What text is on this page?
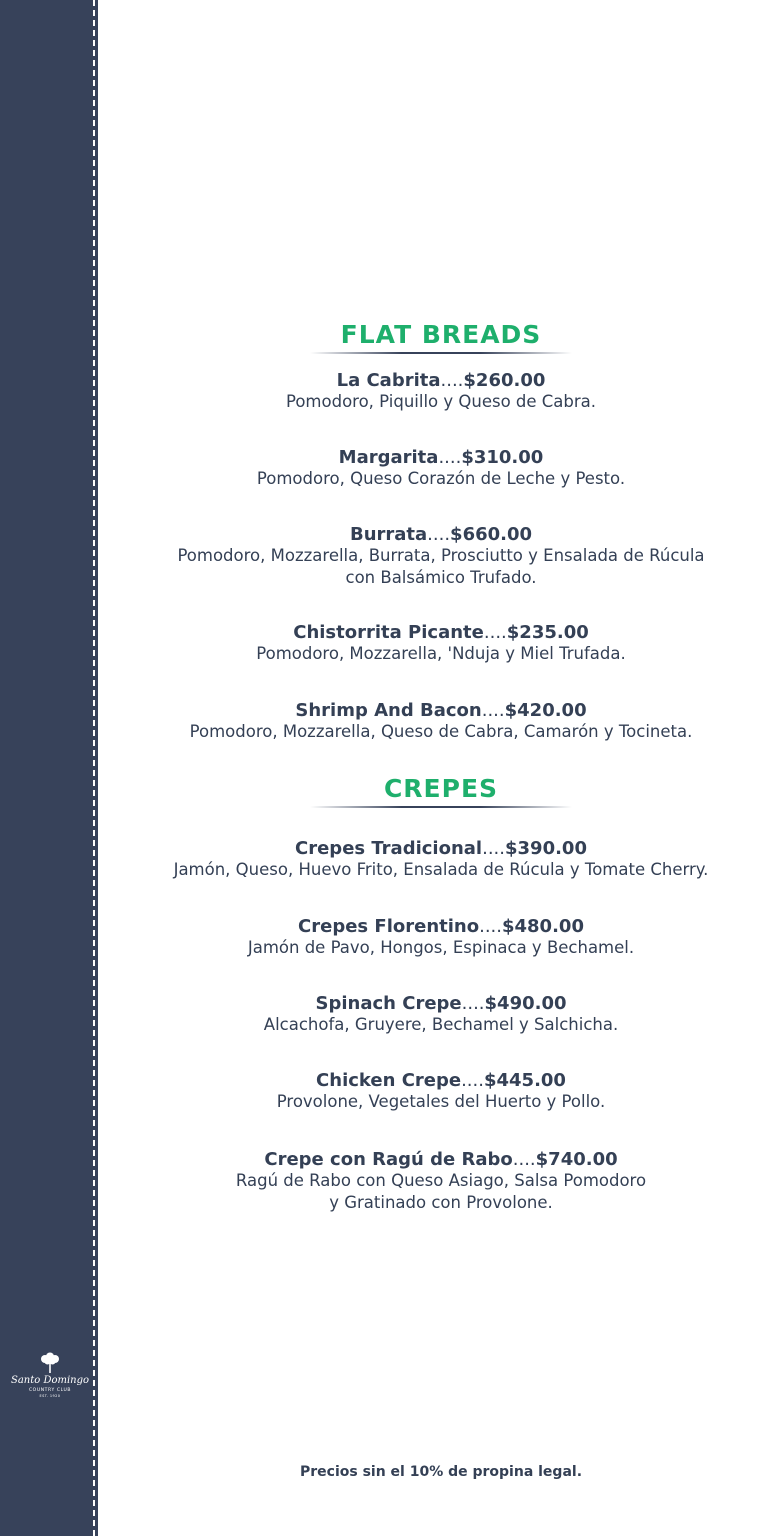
Santo Domingo
COUNTRY CLUB
EST. 1920
FLAT BREADS
La Cabrita....$260.00
Pomodoro, Piquillo y Queso de Cabra.
Margarita....$310.00
Pomodoro, Queso Corazón de Leche y Pesto.
Burrata....$660.00
Pomodoro, Mozzarella, Burrata, Prosciutto y Ensalada de Rúcula
con Balsámico Trufado.
Chistorrita Picante....$235.00
Pomodoro, Mozzarella, 'Nduja y Miel Trufada.
Shrimp And Bacon....$420.00
Pomodoro, Mozzarella, Queso de Cabra, Camarón y Tocineta.
CREPES
Crepes Tradicional....$390.00
Jamón, Queso, Huevo Frito, Ensalada de Rúcula y Tomate Cherry.
Crepes Florentino....$480.00
Jamón de Pavo, Hongos, Espinaca y Bechamel.
Spinach Crepe....$490.00
Alcachofa, Gruyere, Bechamel y Salchicha.
Chicken Crepe....$445.00
Provolone, Vegetales del Huerto y Pollo.
Crepe con Ragú de Rabo....$740.00
Ragú de Rabo con Queso Asiago, Salsa Pomodoro
y Gratinado con Provolone.
Precios sin el 10% de propina legal.
